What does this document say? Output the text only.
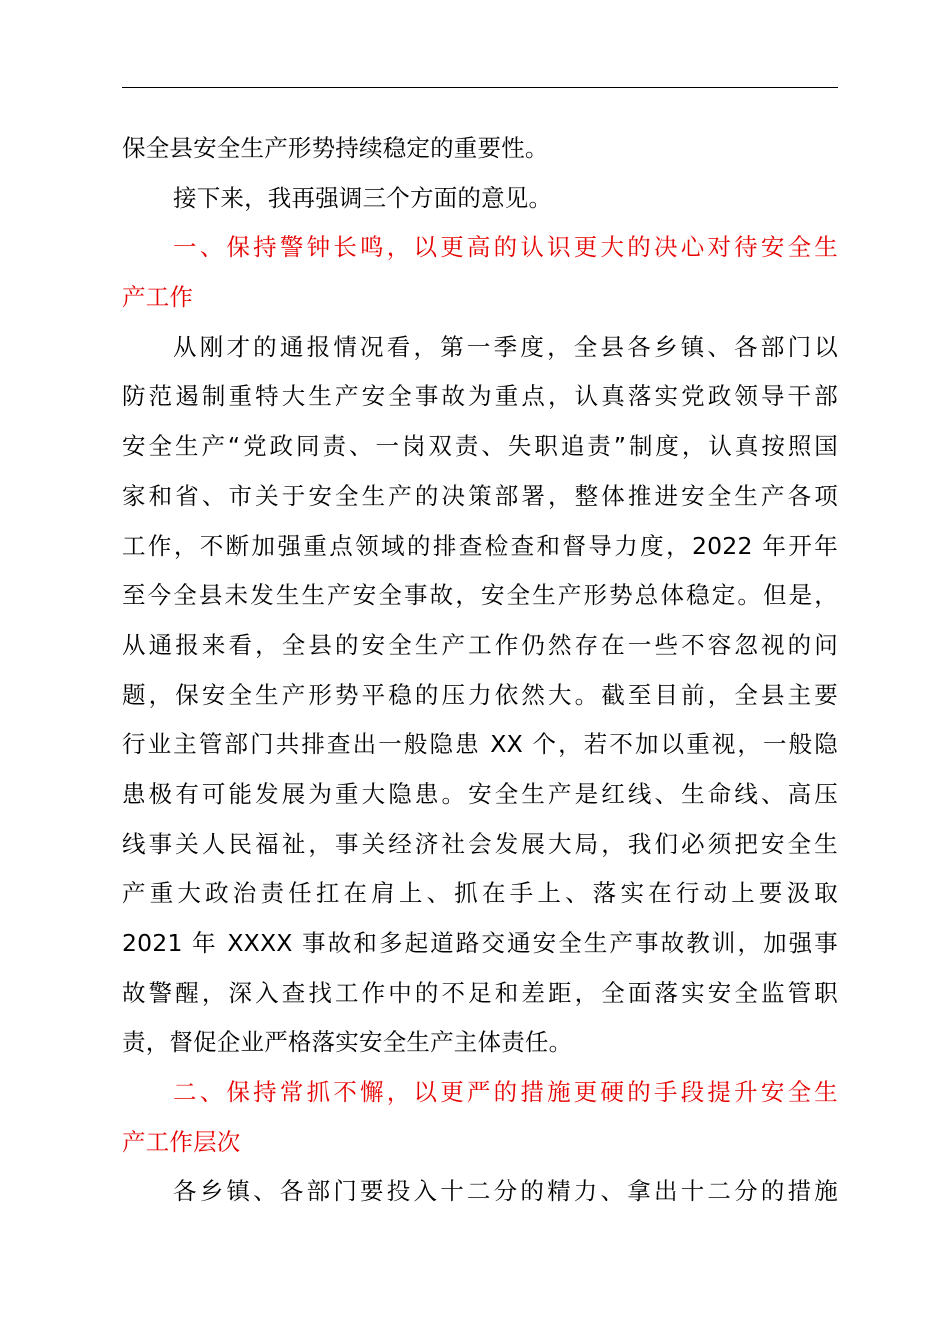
保全县安全生产形势持续稳定的重要性。
接下来，我再强调三个方面的意见。
一、保持警钟长鸣，以更高的认识更大的决心对待安全生
产工作
从刚才的通报情况看，第一季度，全县各乡镇、各部门以
防范遏制重特大生产安全事故为重点，认真落实党政领导干部
安全生产“党政同责、一岗双责、失职追责”制度，认真按照国
家和省、市关于安全生产的决策部署，整体推进安全生产各项
工作，不断加强重点领域的排查检查和督导力度，2022 年开年
至今全县未发生生产安全事故，安全生产形势总体稳定。但是，
从通报来看，全县的安全生产工作仍然存在一些不容忽视的问
题，保安全生产形势平稳的压力依然大。截至目前，全县主要
行业主管部门共排查出一般隐患 XX 个，若不加以重视，一般隐
患极有可能发展为重大隐患。安全生产是红线、生命线、高压
线事关人民福祉，事关经济社会发展大局，我们必须把安全生
产重大政治责任扛在肩上、抓在手上、落实在行动上要汲取
2021 年 XXXX 事故和多起道路交通安全生产事故教训，加强事
故警醒，深入查找工作中的不足和差距，全面落实安全监管职
责，督促企业严格落实安全生产主体责任。
二、保持常抓不懈，以更严的措施更硬的手段提升安全生
产工作层次
各乡镇、各部门要投入十二分的精力、拿出十二分的措施
